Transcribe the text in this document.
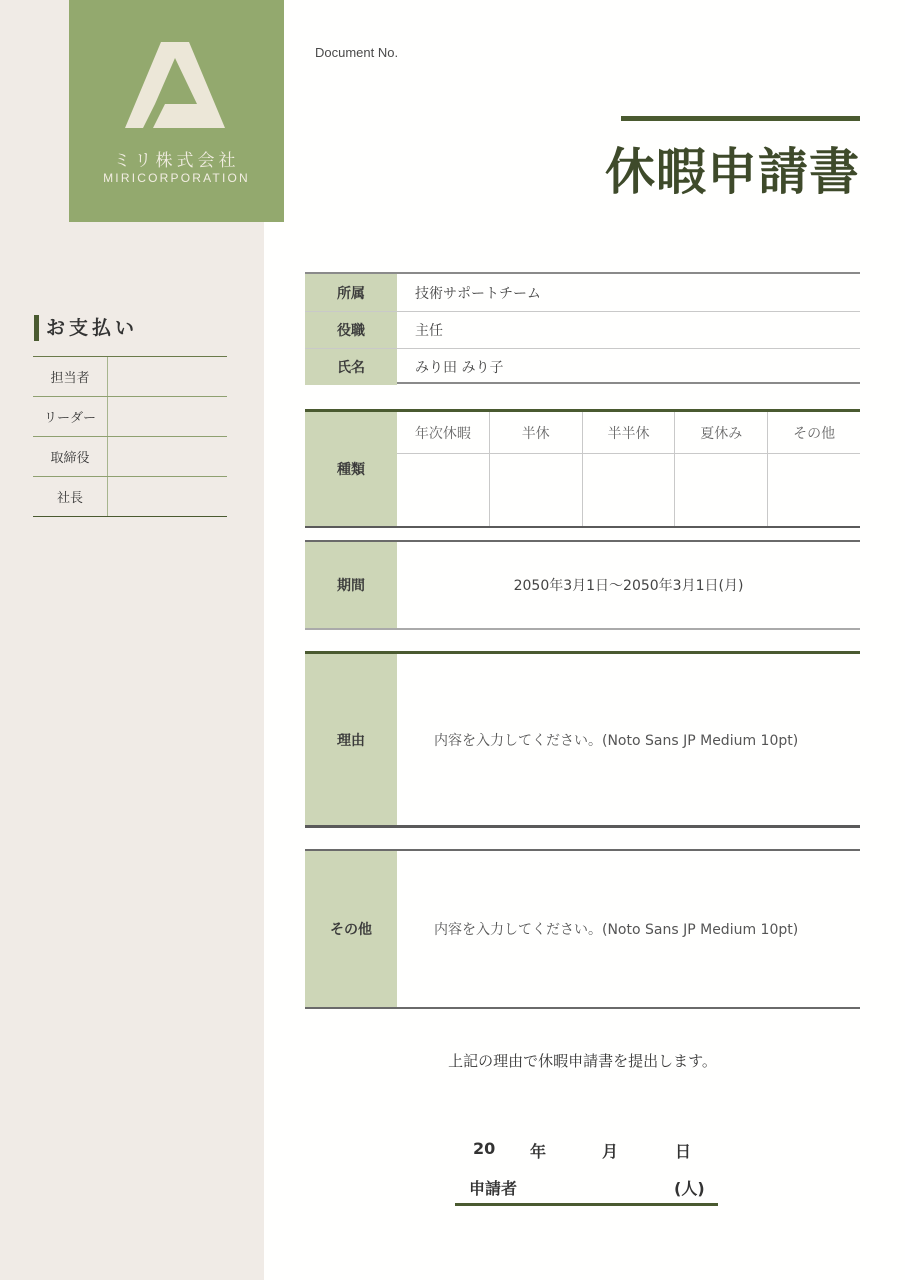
ミリ株式会社
MIRICORPORATION
Document No.
休暇申請書
お支払い
担当者
リーダー
取締役
社長
所属	技術サポートチーム
役職	主任
氏名	みり田 みり子
種類
年次休暇	半休	半半休	夏休み	その他
期間	2050年3月1日〜2050年3月1日(月)
理由	内容を入力してください。(Noto Sans JP Medium 10pt)
その他	内容を入力してください。(Noto Sans JP Medium 10pt)
上記の理由で休暇申請書を提出します。
20 年	月	日
申請者	(人)
